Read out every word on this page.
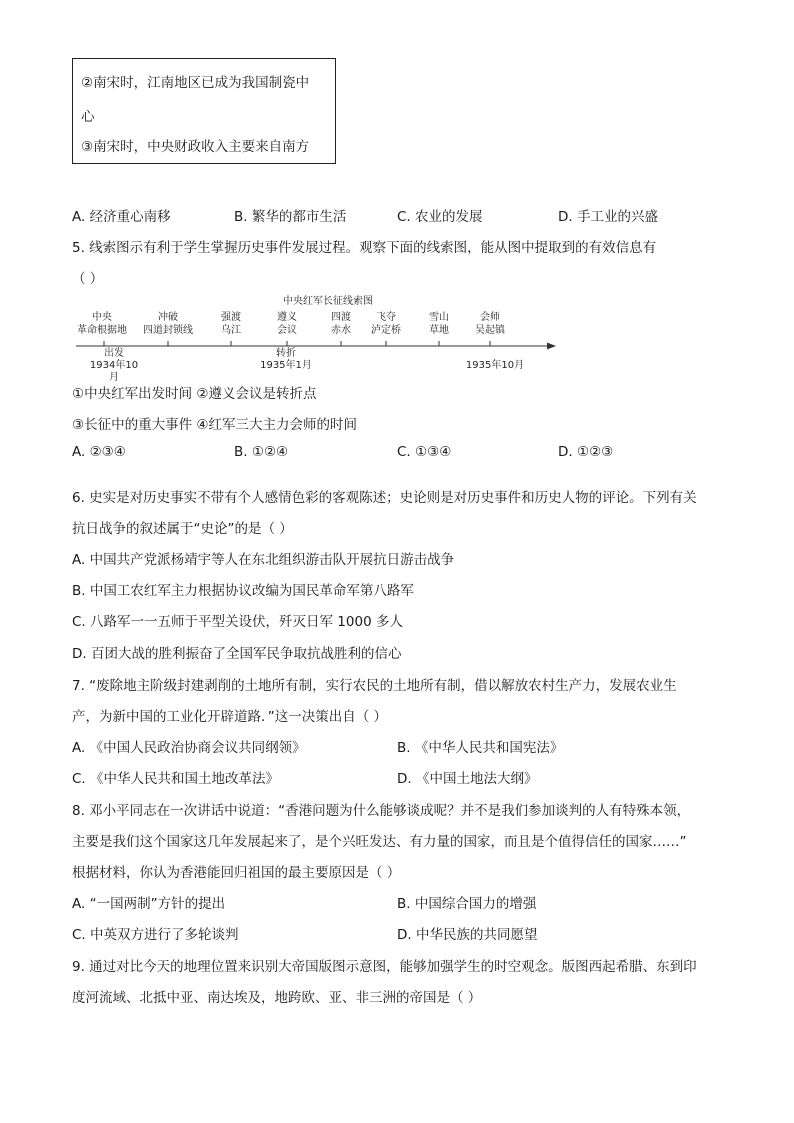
②南宋时，江南地区已成为我国制瓷中
心
③南宋时，中央财政收入主要来自南方
A. 经济重心南移	B. 繁华的都市生活	C. 农业的发展	D. 手工业的兴盛
5. 线索图示有利于学生掌握历史事件发展过程。观察下面的线索图，能从图中提取到的有效信息有
（ ）
中央红军长征线索图
中央
革命根据地
冲破
四道封锁线
强渡
乌江
遵义
会议
四渡
赤水
飞夺
泸定桥
雪山
草地
会师
吴起镇
出发
1934年10月
转折
1935年1月
	1935年10月
①中央红军出发时间 ②遵义会议是转折点
③长征中的重大事件 ④红军三大主力会师的时间
A. ②③④	B. ①②④	C. ①③④	D. ①②③
6. 史实是对历史事实不带有个人感情色彩的客观陈述；史论则是对历史事件和历史人物的评论。下列有关
抗日战争的叙述属于“史论”的是（ ）
A. 中国共产党派杨靖宇等人在东北组织游击队开展抗日游击战争
B. 中国工农红军主力根据协议改编为国民革命军第八路军
C. 八路军一一五师于平型关设伏，歼灭日军 1000 多人
D. 百团大战的胜利振奋了全国军民争取抗战胜利的信心
7. “废除地主阶级封建剥削的土地所有制，实行农民的土地所有制，借以解放农村生产力，发展农业生
产，为新中国的工业化开辟道路．”这一决策出自（ ）
A. 《中国人民政治协商会议共同纲领》	B. 《中华人民共和国宪法》
C. 《中华人民共和国土地改革法》	D. 《中国土地法大纲》
8. 邓小平同志在一次讲话中说道：“香港问题为什么能够谈成呢？并不是我们参加谈判的人有特殊本领，
主要是我们这个国家这几年发展起来了，是个兴旺发达、有力量的国家，而且是个值得信任的国家……”
根据材料，你认为香港能回归祖国的最主要原因是（ ）
A. “一国两制”方针的提出	B. 中国综合国力的增强
C. 中英双方进行了多轮谈判	D. 中华民族的共同愿望
9. 通过对比今天的地理位置来识别大帝国版图示意图，能够加强学生的时空观念。版图西起希腊、东到印
度河流域、北抵中亚、南达埃及，地跨欧、亚、非三洲的帝国是（ ）
